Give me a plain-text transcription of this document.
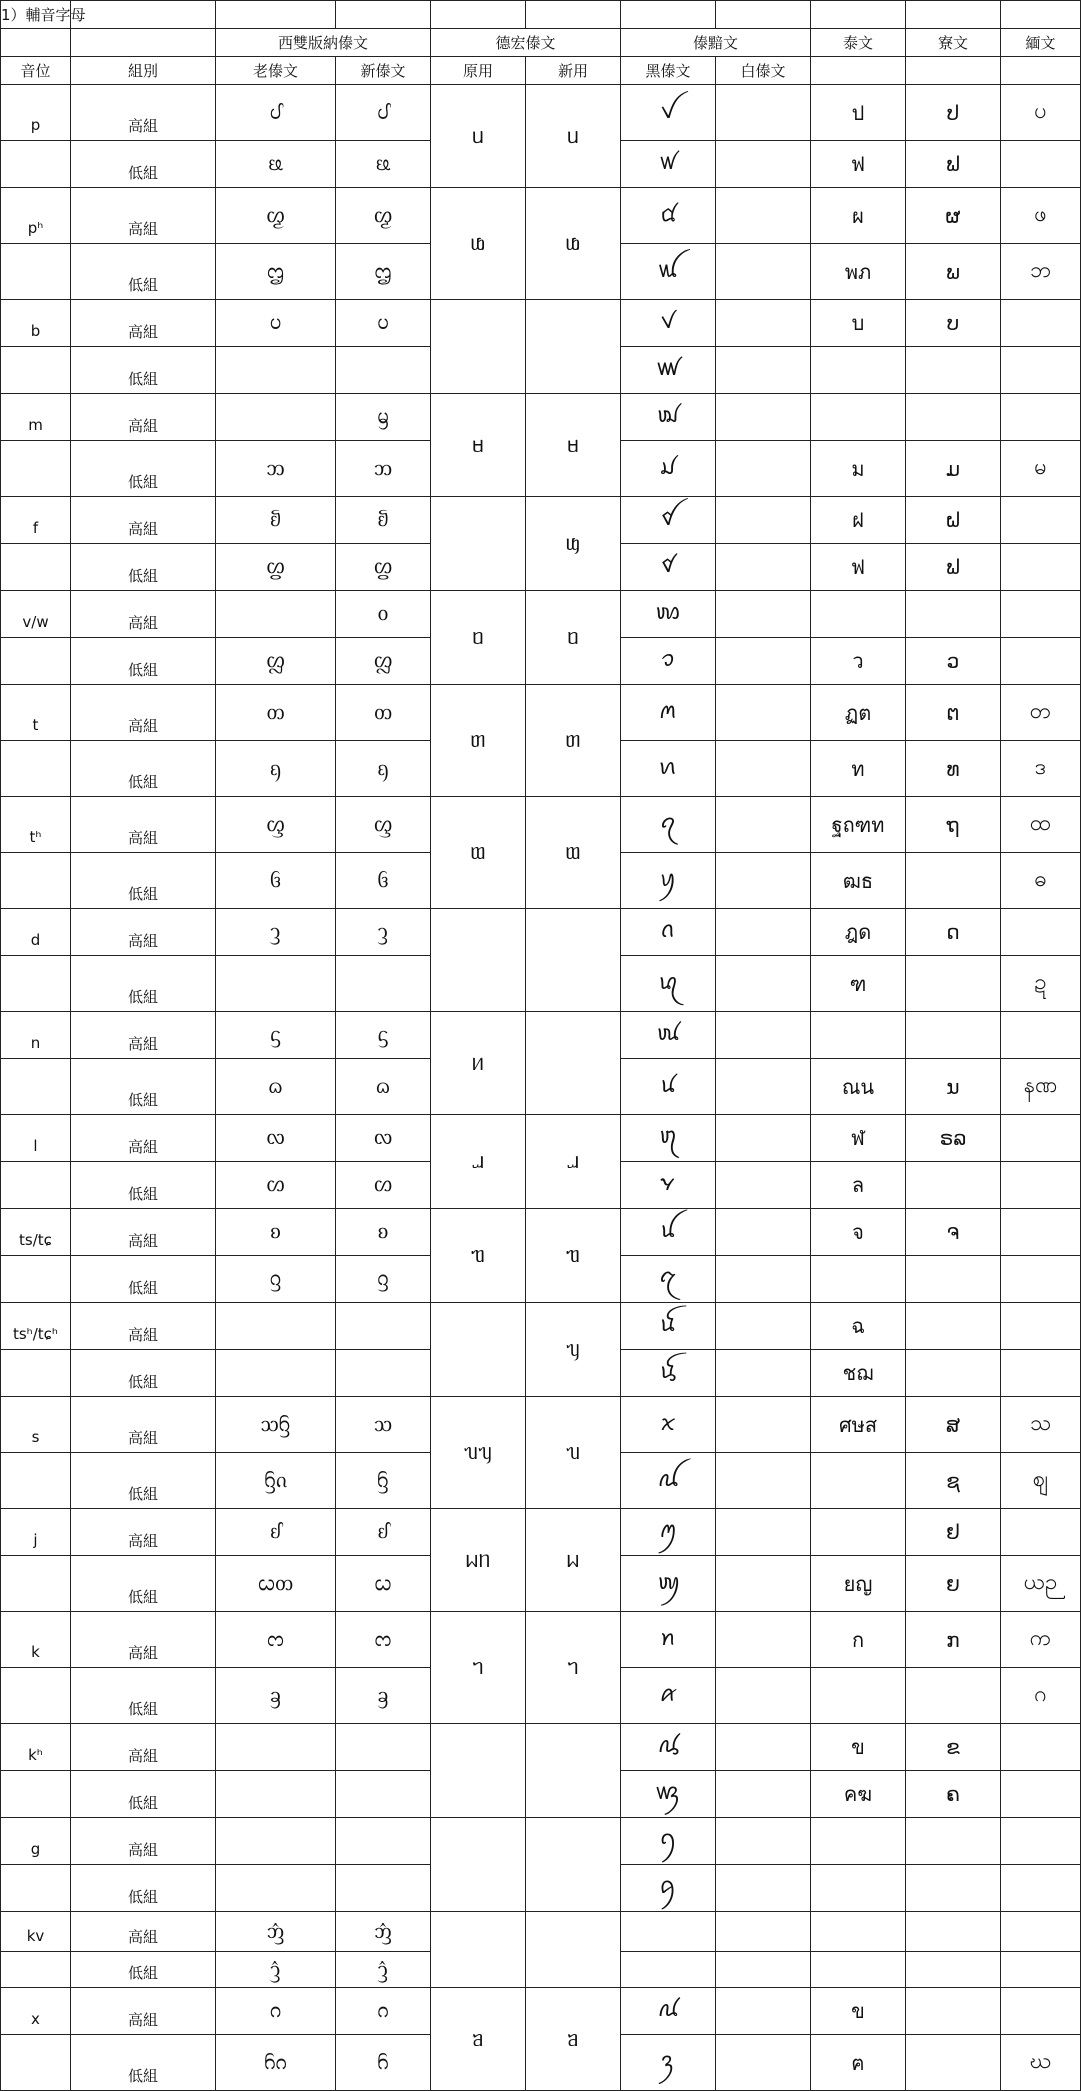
1）輔音字母										
		西雙版納傣文		德宏傣文		傣黯文		泰文	寮文	緬文
音位	組別	老傣文	新傣文	原用	新用	黑傣文	白傣文			
p	高組	ᦔ	ᦔ	ᥙ	ᥙ	ꪜ		ป	ປ	ပ
	低組	ᦕ	ᦕ			ꪝ		ฟ	ຟ	
pʰ	高組	ᦖ	ᦖ	ᥚ	ᥚ	ꪠ		ผ	ຜ	ဖ
	低組	ᦗ	ᦗ			ꪡ		พภ	ພ	ဘ
b	高組	ᦢ	ᦢ			ꪚ		บ	ບ	
	低組					ꪛ				
m	高組		ᦙ	ᥛ	ᥛ	ꪢ				
	低組	ᦘ	ᦘ			ꪣ		ม	ມ	မ
f	高組	ᦚ	ᦚ		ᥜ	ꪤ		ฝ	ຝ	
	低組	ᦛ	ᦛ			ꪥ		ฟ	ຟ	
v/w	高組		ᦞ	ᥝ	ᥝ	ꪪ				
	低組	ᦜ	ᦜ			ꪫ		ว	ວ	
t	高組	ᦎ	ᦎ	ᥖ	ᥖ	ꪔ		ฏต	ຕ	တ
	低組	ᦏ	ᦏ			ꪕ		ท	ທ	ဒ
tʰ	高組	ᦐ	ᦐ	ᥗ	ᥗ	ꪖ		ฐถฑท	ຖ	ထ
	低組	ᦑ	ᦑ			ꪗ		ฒธ		ဓ
d	高組	ᦡ	ᦡ			ꪒ		ฎด	ດ	
	低組					ꪓ		ฑ		ဍ
n	高組	ᦓ	ᦓ	ᥢ		ꪘ				
	低組	ᦒ	ᦒ			ꪙ		ณน	ນ	နဏ
l	高組	ᦟ	ᦟ	ᥘ	ᥘ	ꪨ		ฬ	ຣລ	
	低組	ᦠ	ᦠ			ꪩ		ล		
ts/tɕ	高組	ᦈ	ᦈ	ᥓ	ᥓ	ꪊ		จ	ຈ	
	低組	ᦋ	ᦋ			ꪋ				
tsʰ/tɕʰ	高組				ᥡ	ꪌ		ฉ		
	低組					ꪍ		ชฌ		
s	高組	ᦉᦌ	ᦉ	ᥔᥡ	ᥔ	ꪎ		ศษส	ສ	သ
	低組	ᦌᦵ	ᦌ			ꪏ			ຊ	ဈ
j	高組	ᦊ	ᦊ	ᥕᥒ	ᥕ	ꪑ			ຢ	
	低組	ᦍᦎ	ᦍ			ꪐ		ยญ	ຍ	ယဉ
k	高組	ᦂ	ᦂ	ᥐ	ᥐ	ꪀ		ก	ກ	က
	低組	ᦃ	ᦃ			ꪁ				ဂ
kʰ	高組					ꪂ		ข	ຂ	
	低組					ꪃ		คฆ	ຄ	
g	高組					ꪆ				
	低組					ꪇ				
kv	高組	ᦁ	ᦁ							
	低組	ᦤ	ᦤ							
x	高組	ᦅ	ᦅ	ᥑ	ᥑ	ꪄ		ข		
	低組	ᦆᦅ	ᦆ			ꪅ		ฅ		ဃ
